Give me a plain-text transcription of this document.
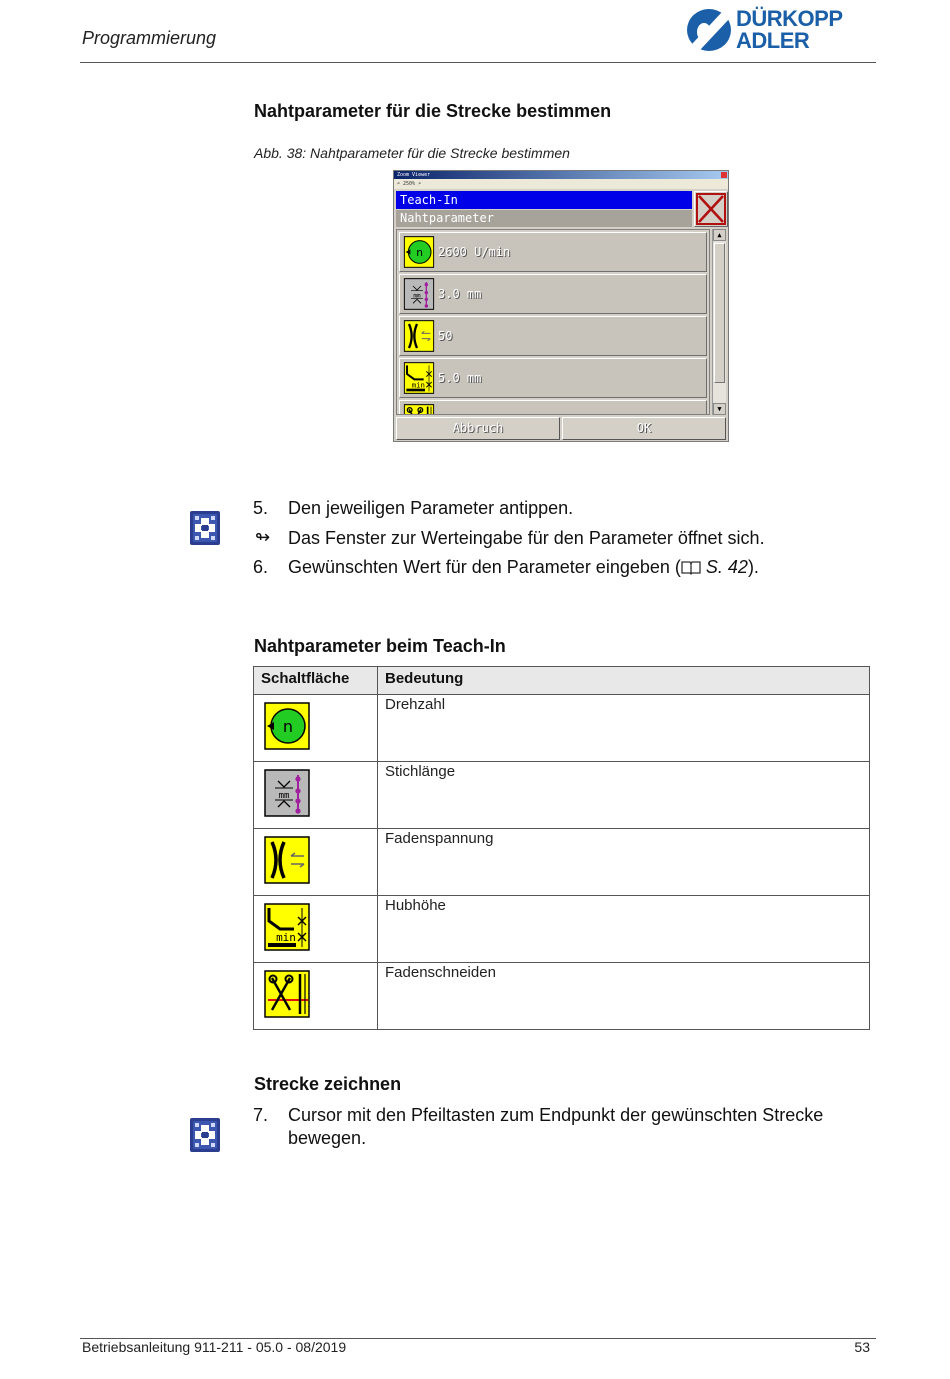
Programmierung
DÜRKOPP
ADLER
Nahtparameter für die Strecke bestimmen
Abb. 38: Nahtparameter für die Strecke bestimmen
Zoom Viewer
⌕ 250% ⌕
Teach-In
Nahtparameter
2600 U/min
3.0 mm
50
5.0 mm
▲
▼
Abbruch	OK
5. Den jeweiligen Parameter antippen.
↬ Das Fenster zur Werteingabe für den Parameter öffnet sich.
6. Gewünschten Wert für den Parameter eingeben ( S. 42).
Nahtparameter beim Teach-In
Schaltfläche	Bedeutung

	Drehzahl

	Stichlänge

	Fadenspannung

	Hubhöhe

	Fadenschneiden
Strecke zeichnen
7. Cursor mit den Pfeiltasten zum Endpunkt der gewünschten Strecke
bewegen.
Betriebsanleitung 911-211 - 05.0 - 08/2019	53
